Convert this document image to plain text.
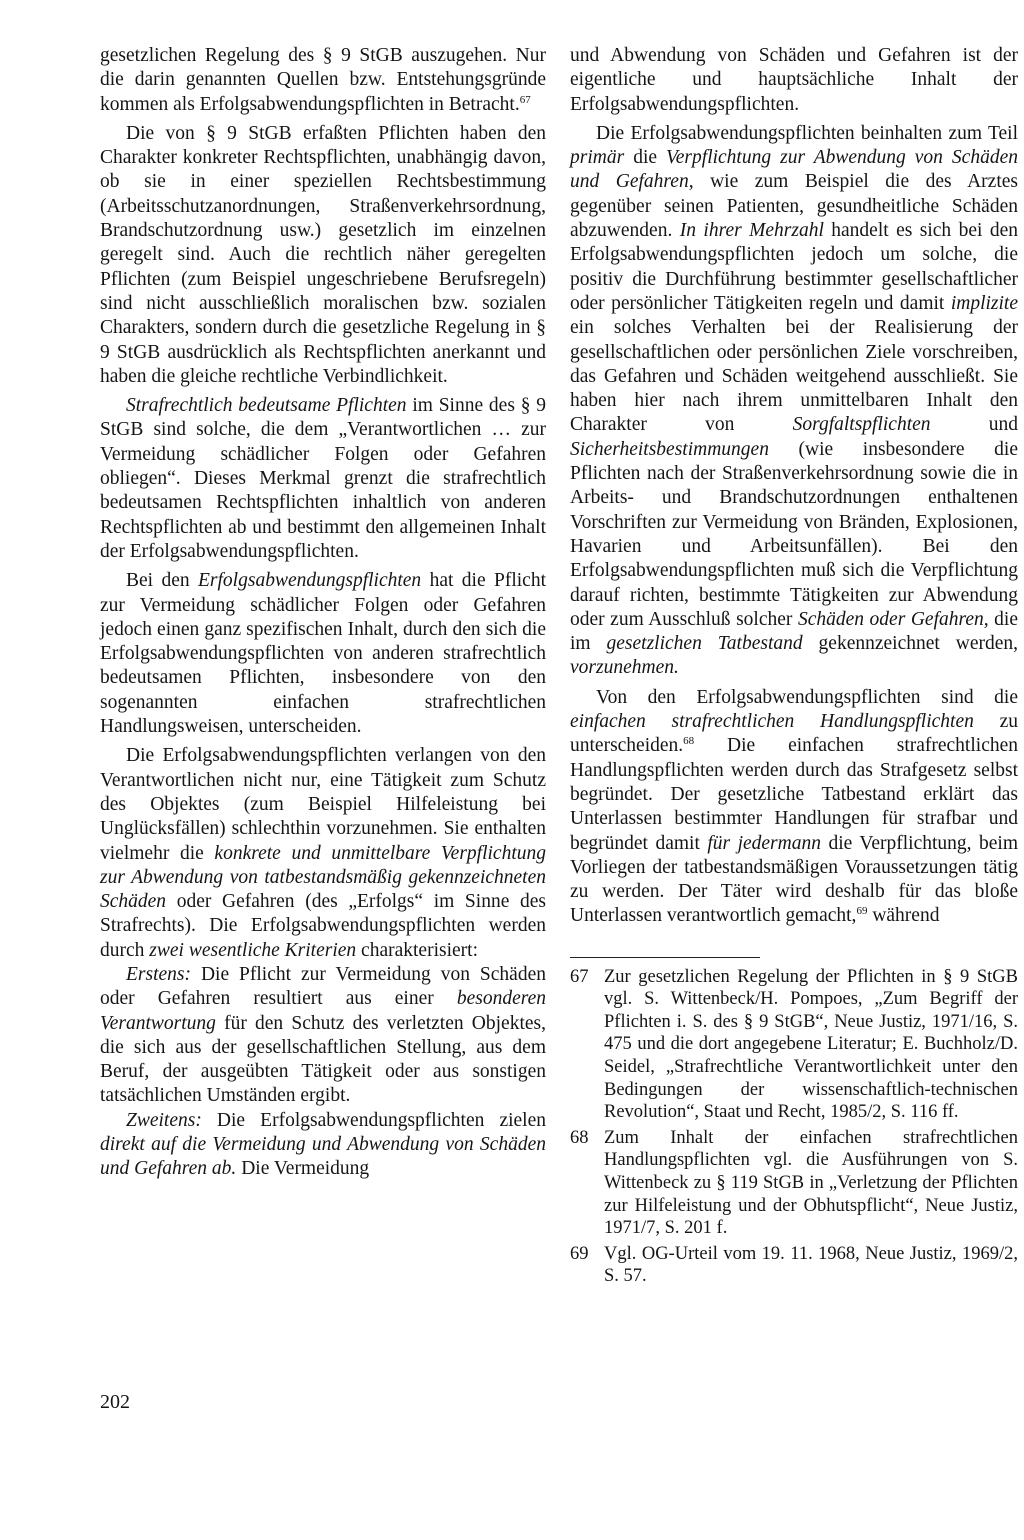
gesetzlichen Regelung des § 9 StGB auszugehen. Nur die darin genannten Quellen bzw. Entstehungsgründe kommen als Erfolgsabwendungspflichten in Betracht.$^{67}$

Die von § 9 StGB erfaßten Pflichten haben den Charakter konkreter Rechtspflichten, unabhängig davon, ob sie in einer speziellen Rechtsbestimmung (Arbeitsschutzanordnungen, Straßenverkehrsordnung, Brandschutzordnung usw.) gesetzlich im einzelnen geregelt sind. Auch die rechtlich näher geregelten Pflichten (zum Beispiel ungeschriebene Berufsregeln) sind nicht ausschließlich moralischen bzw. sozialen Charakters, sondern durch die gesetzliche Regelung in § 9 StGB ausdrücklich als Rechtspflichten anerkannt und haben die gleiche rechtliche Verbindlichkeit.

Strafrechtlich bedeutsame Pflichten im Sinne des § 9 StGB sind solche, die dem „Verantwortlichen … zur Vermeidung schädlicher Folgen oder Gefahren obliegen“. Dieses Merkmal grenzt die strafrechtlich bedeutsamen Rechtspflichten inhaltlich von anderen Rechtspflichten ab und bestimmt den allgemeinen Inhalt der Erfolgsabwendungspflichten.

Bei den Erfolgsabwendungspflichten hat die Pflicht zur Vermeidung schädlicher Folgen oder Gefahren jedoch einen ganz spezifischen Inhalt, durch den sich die Erfolgsabwendungspflichten von anderen strafrechtlich bedeutsamen Pflichten, insbesondere von den sogenannten einfachen strafrechtlichen Handlungsweisen, unterscheiden.

Die Erfolgsabwendungspflichten verlangen von den Verantwortlichen nicht nur, eine Tätigkeit zum Schutz des Objektes (zum Beispiel Hilfeleistung bei Unglücksfällen) schlechthin vorzunehmen. Sie enthalten vielmehr die konkrete und unmittelbare Verpflichtung zur Abwendung von tatbestandsmäßig gekennzeichneten Schäden oder Gefahren (des „Erfolgs“ im Sinne des Strafrechts). Die Erfolgsabwendungspflichten werden durch zwei wesentliche Kriterien charakterisiert:

Erstens: Die Pflicht zur Vermeidung von Schäden oder Gefahren resultiert aus einer besonderen Verantwortung für den Schutz des verletzten Objektes, die sich aus der gesellschaftlichen Stellung, aus dem Beruf, der ausgeübten Tätigkeit oder aus sonstigen tatsächlichen Umständen ergibt.

Zweitens: Die Erfolgsabwendungspflichten zielen direkt auf die Vermeidung und Abwendung von Schäden und Gefahren ab. Die Vermeidung

und Abwendung von Schäden und Gefahren ist der eigentliche und hauptsächliche Inhalt der Erfolgsabwendungspflichten.

Die Erfolgsabwendungspflichten beinhalten zum Teil primär die Verpflichtung zur Abwendung von Schäden und Gefahren, wie zum Beispiel die des Arztes gegenüber seinen Patienten, gesundheitliche Schäden abzuwenden. In ihrer Mehrzahl handelt es sich bei den Erfolgsabwendungspflichten jedoch um solche, die positiv die Durchführung bestimmter gesellschaftlicher oder persönlicher Tätigkeiten regeln und damit implizite ein solches Verhalten bei der Realisierung der gesellschaftlichen oder persönlichen Ziele vorschreiben, das Gefahren und Schäden weitgehend ausschließt. Sie haben hier nach ihrem unmittelbaren Inhalt den Charakter von Sorgfaltspflichten und Sicherheitsbestimmungen (wie insbesondere die Pflichten nach der Straßenverkehrsordnung sowie die in Arbeits- und Brandschutzordnungen enthaltenen Vorschriften zur Vermeidung von Bränden, Explosionen, Havarien und Arbeitsunfällen). Bei den Erfolgsabwendungspflichten muß sich die Verpflichtung darauf richten, bestimmte Tätigkeiten zur Abwendung oder zum Ausschluß solcher Schäden oder Gefahren, die im gesetzlichen Tatbestand gekennzeichnet werden, vorzunehmen.

Von den Erfolgsabwendungspflichten sind die einfachen strafrechtlichen Handlungspflichten zu unterscheiden.$^{68}$ Die einfachen strafrechtlichen Handlungspflichten werden durch das Strafgesetz selbst begründet. Der gesetzliche Tatbestand erklärt das Unterlassen bestimmter Handlungen für strafbar und begründet damit für jedermann die Verpflichtung, beim Vorliegen der tatbestandsmäßigen Voraussetzungen tätig zu werden. Der Täter wird deshalb für das bloße Unterlassen verantwortlich gemacht,$^{69}$ während

67 Zur gesetzlichen Regelung der Pflichten in § 9 StGB vgl. S. Wittenbeck/H. Pompoes, „Zum Begriff der Pflichten i. S. des § 9 StGB“, Neue Justiz, 1971/16, S. 475 und die dort angegebene Literatur; E. Buchholz/D. Seidel, „Strafrechtliche Verantwortlichkeit unter den Bedingungen der wissenschaftlich-technischen Revolution“, Staat und Recht, 1985/2, S. 116 ff.
68 Zum Inhalt der einfachen strafrechtlichen Handlungspflichten vgl. die Ausführungen von S. Wittenbeck zu § 119 StGB in „Verletzung der Pflichten zur Hilfeleistung und der Obhutspflicht“, Neue Justiz, 1971/7, S. 201 f.
69 Vgl. OG-Urteil vom 19. 11. 1968, Neue Justiz, 1969/2, S. 57.
202
